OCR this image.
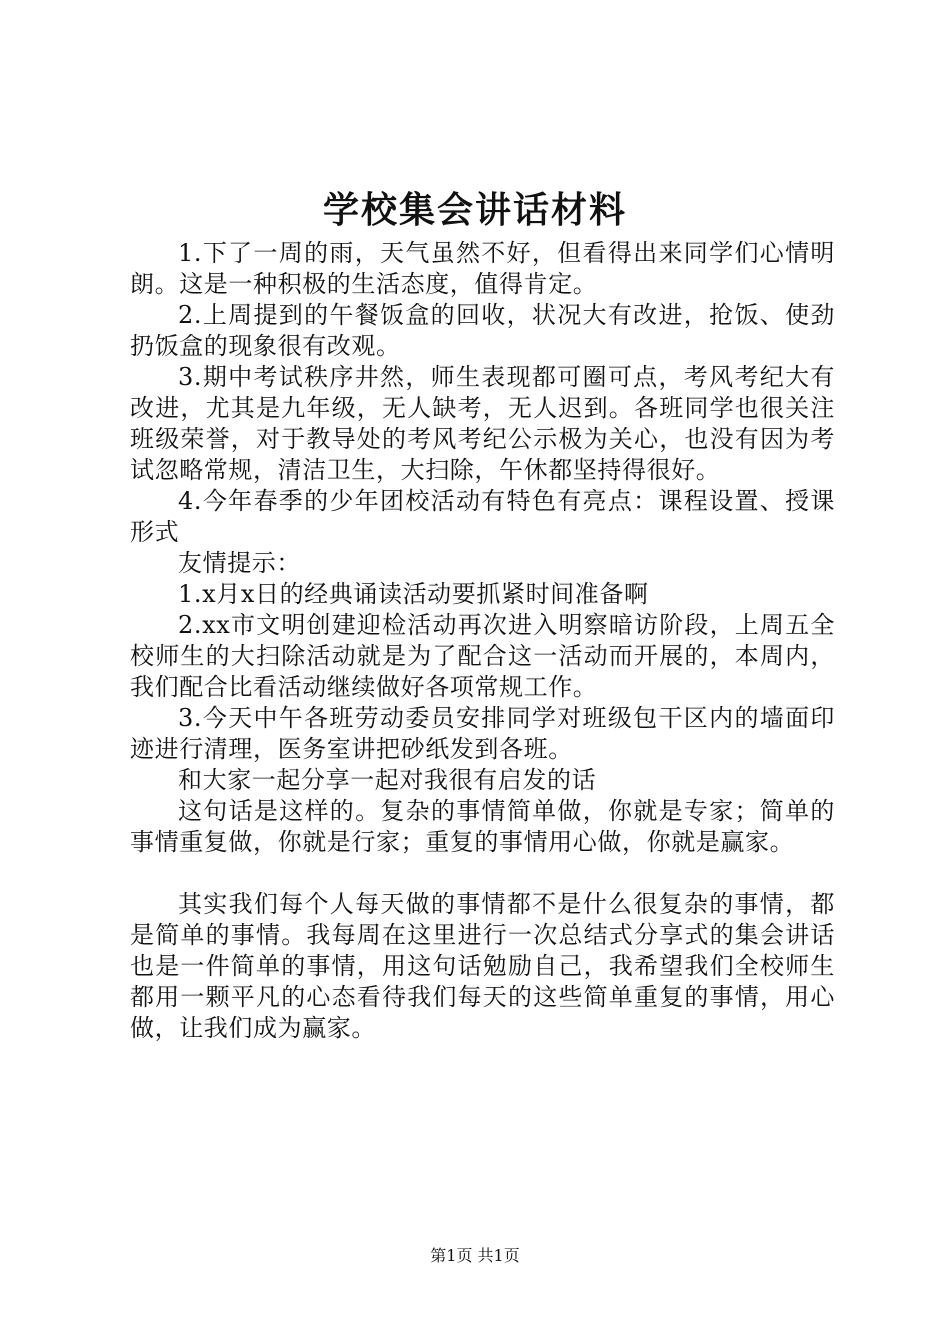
学校集会讲话材料

1.下了一周的雨，天气虽然不好，但看得出来同学们心情明朗。这是一种积极的生活态度，值得肯定。

2.上周提到的午餐饭盒的回收，状况大有改进，抢饭、使劲扔饭盒的现象很有改观。

3.期中考试秩序井然，师生表现都可圈可点，考风考纪大有改进，尤其是九年级，无人缺考，无人迟到。各班同学也很关注班级荣誉，对于教导处的考风考纪公示极为关心，也没有因为考试忽略常规，清洁卫生，大扫除，午休都坚持得很好。

4.今年春季的少年团校活动有特色有亮点：课程设置、授课形式

友情提示：

1.x月x日的经典诵读活动要抓紧时间准备啊

2.xx市文明创建迎检活动再次进入明察暗访阶段，上周五全校师生的大扫除活动就是为了配合这一活动而开展的，本周内，我们配合比看活动继续做好各项常规工作。

3.今天中午各班劳动委员安排同学对班级包干区内的墙面印迹进行清理，医务室讲把砂纸发到各班。

和大家一起分享一起对我很有启发的话

这句话是这样的。复杂的事情简单做，你就是专家；简单的事情重复做，你就是行家；重复的事情用心做，你就是赢家。

其实我们每个人每天做的事情都不是什么很复杂的事情，都是简单的事情。我每周在这里进行一次总结式分享式的集会讲话也是一件简单的事情，用这句话勉励自己，我希望我们全校师生都用一颗平凡的心态看待我们每天的这些简单重复的事情，用心做，让我们成为赢家。

第1页 共1页
